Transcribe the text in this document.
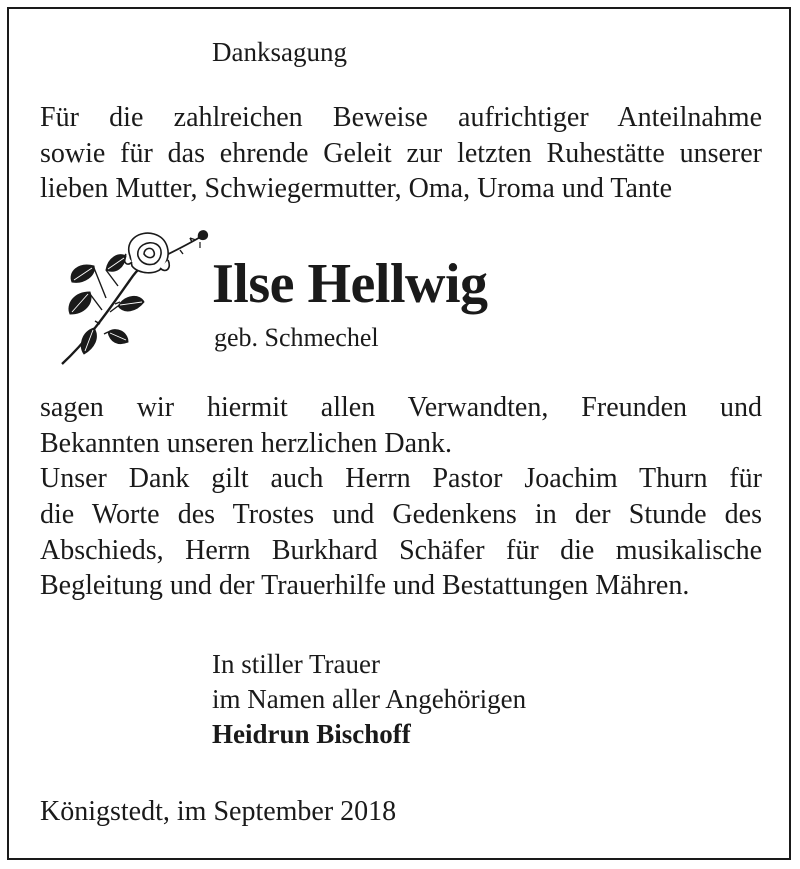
Danksagung
Für die zahlreichen Beweise aufrichtiger Anteilnahme
sowie für das ehrende Geleit zur letzten Ruhestätte unserer
lieben Mutter, Schwiegermutter, Oma, Uroma und Tante
Ilse Hellwig

geb. Schmechel

sagen wir hiermit allen Verwandten, Freunden und
Bekannten unseren herzlichen Dank.
Unser Dank gilt auch Herrn Pastor Joachim Thurn für
die Worte des Trostes und Gedenkens in der Stunde des
Abschieds, Herrn Burkhard Schäfer für die musikalische
Begleitung und der Trauerhilfe und Bestattungen Mähren.

In stiller Trauer

im Namen aller Angehörigen

Heidrun Bischoff

Königstedt, im September 2018
